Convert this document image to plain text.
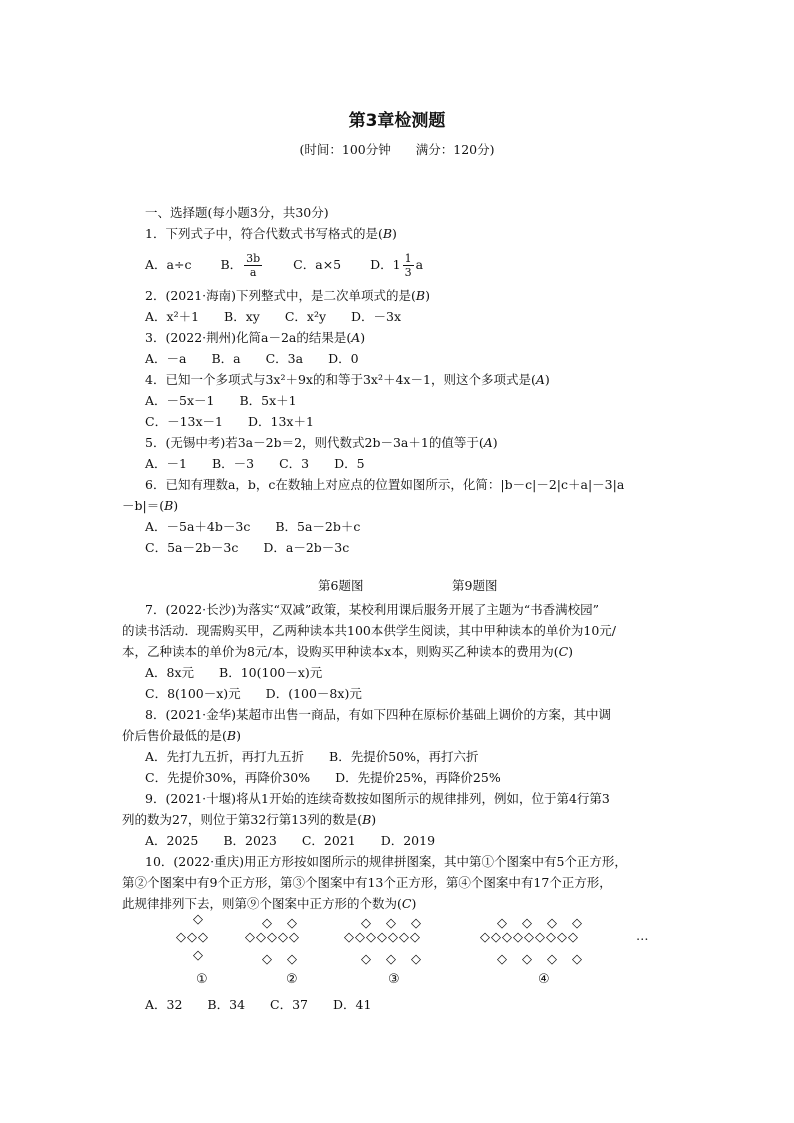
第3章检测题
(时间：100分钟　　满分：120分)
一、选择题(每小题3分，共30分)
1．下列式子中，符合代数式书写格式的是(B)
A．a÷c　　 B． $\frac{3b}{a}$
　　 C．a×5　　 D．$1 \frac{1}{3}$ a
2．(2021·海南)下列整式中，是二次单项式的是(B)
A．x²＋1　　B．xy　　C．x²y　　D．－3x
3．(2022·荆州)化简a－2a的结果是(A)
A．－a　　B．a　　C．3a　　D．0
4．已知一个多项式与3x²＋9x的和等于3x²＋4x－1，则这个多项式是(A)
A．－5x－1　　B．5x＋1
C．－13x－1　　D．13x＋1
5．(无锡中考)若3a－2b＝2，则代数式2b－3a＋1的值等于(A)
A．－1　　B．－3　　C．3　　D．5
6．已知有理数a，b，c在数轴上对应点的位置如图所示，化简：|b－c|－2|c＋a|－3|a
－b|＝(B)
A．－5a＋4b－3c　　B．5a－2b＋c
C．5a－2b－3c　　D．a－2b－3c
第6题图	第9题图
7．(2022·长沙)为落实“双减”政策，某校利用课后服务开展了主题为“书香满校园”
的读书活动．现需购买甲，乙两种读本共100本供学生阅读，其中甲种读本的单价为10元/
本，乙种读本的单价为8元/本，设购买甲种读本x本，则购买乙种读本的费用为(C)
A．8x元　　B．10(100－x)元
C．8(100－x)元　　D．(100－8x)元
8．(2021·金华)某超市出售一商品，有如下四种在原标价基础上调价的方案，其中调
价后售价最低的是(B)
A．先打九五折，再打九五折　　B．先提价50%，再打六折
C．先提价30%，再降价30%　　D．先提价25%，再降价25%
9．(2021·十堰)将从1开始的连续奇数按如图所示的规律排列，例如，位于第4行第3
列的数为27，则位于第32行第13列的数是(B)
A．2025　　B．2023　　C．2021　　D．2019
10．(2022·重庆)用正方形按如图所示的规律拼图案，其中第①个图案中有5个正方形，
第②个图案中有9个正方形，第③个图案中有13个正方形，第④个图案中有17个正方形，
此规律排列下去，则第⑨个图案中正方形的个数为(C)
◇
◇◇◇
◇
◇　◇
◇◇◇◇◇
◇　◇
◇　◇　◇
◇◇◇◇◇◇◇
◇　◇　◇
◇　◇　◇　◇
◇◇◇◇◇◇◇◇◇
◇　◇　◇　◇
…
①	②	③	④
A．32　　B．34　　C．37　　D．41
